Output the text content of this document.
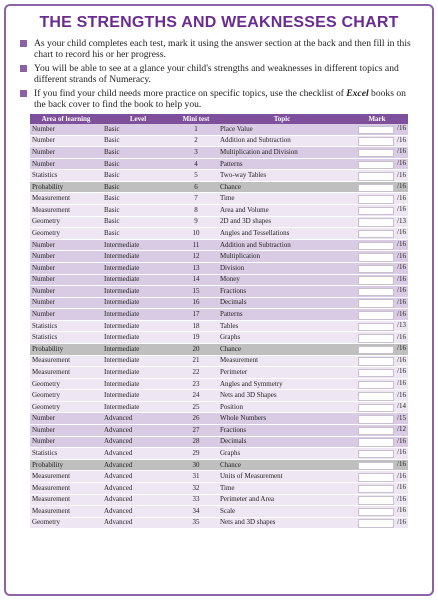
THE STRENGTHS AND WEAKNESSES CHART
As your child completes each test, mark it using the answer section at the back and then fill in this chart to record his or her progress.
You will be able to see at a glance your child's strengths and weaknesses in different topics and different strands of Numeracy.
If you find your child needs more practice on specific topics, use the checklist of Excel books on the back cover to find the book to help you.
Area of learning	Level	Mini test	Topic	Mark
Number	Basic	1	Place Value	/16
Number	Basic	2	Addition and Subtraction	/16
Number	Basic	3	Multiplication and Division	/16
Number	Basic	4	Patterns	/16
Statistics	Basic	5	Two-way Tables	/16
Probability	Basic	6	Chance	/16
Measurement	Basic	7	Time	/16
Measurement	Basic	8	Area and Volume	/16
Geometry	Basic	9	2D and 3D shapes	/13
Geometry	Basic	10	Angles and Tessellations	/16
Number	Intermediate	11	Addition and Subtraction	/16
Number	Intermediate	12	Multiplication	/16
Number	Intermediate	13	Division	/16
Number	Intermediate	14	Money	/16
Number	Intermediate	15	Fractions	/16
Number	Intermediate	16	Decimals	/16
Number	Intermediate	17	Patterns	/16
Statistics	Intermediate	18	Tables	/13
Statistics	Intermediate	19	Graphs	/16
Probability	Intermediate	20	Chance	/16
Measurement	Intermediate	21	Measurement	/16
Measurement	Intermediate	22	Perimeter	/16
Geometry	Intermediate	23	Angles and Symmetry	/16
Geometry	Intermediate	24	Nets and 3D Shapes	/16
Geometry	Intermediate	25	Position	/14
Number	Advanced	26	Whole Numbers	/15
Number	Advanced	27	Fractions	/12
Number	Advanced	28	Decimals	/16
Statistics	Advanced	29	Graphs	/16
Probability	Advanced	30	Chance	/16
Measurement	Advanced	31	Units of Measurement	/16
Measurement	Advanced	32	Time	/16
Measurement	Advanced	33	Perimeter and Area	/16
Measurement	Advanced	34	Scale	/16
Geometry	Advanced	35	Nets and 3D shapes	/16
